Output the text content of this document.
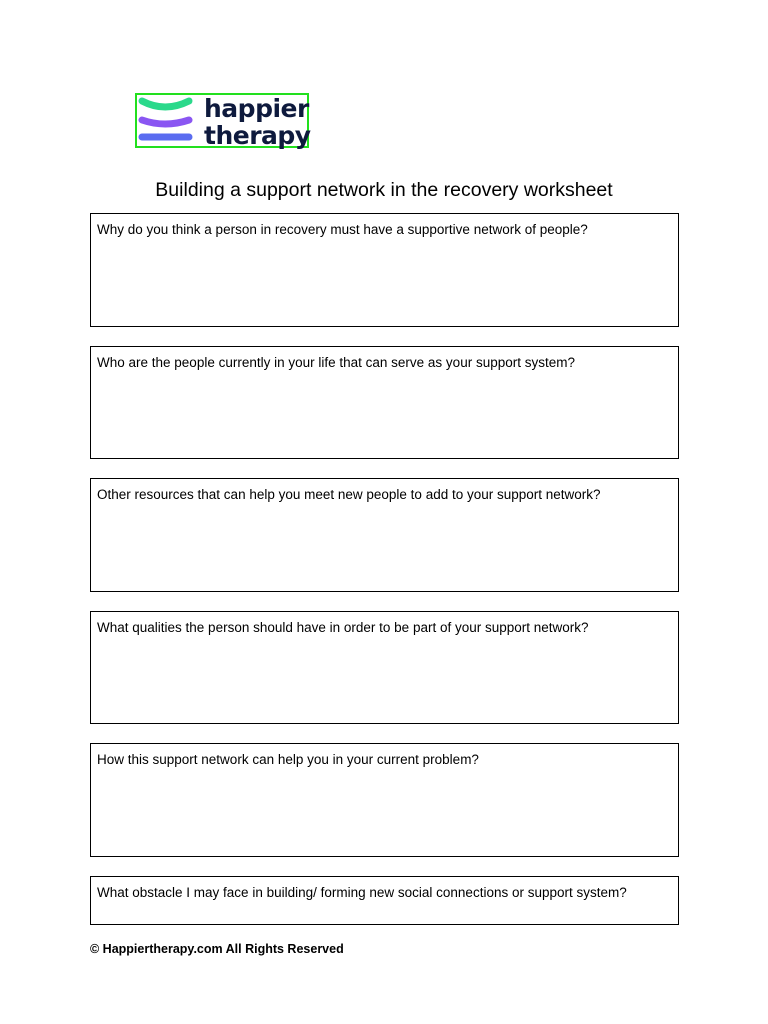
happier
therapy
Building a support network in the recovery worksheet
Why do you think a person in recovery must have a supportive network of people?
Who are the people currently in your life that can serve as your support system?
Other resources that can help you meet new people to add to your support network?
What qualities the person should have in order to be part of your support network?
How this support network can help you in your current problem?
What obstacle I may face in building/ forming new social connections or support system?
© Happiertherapy.com All Rights Reserved
